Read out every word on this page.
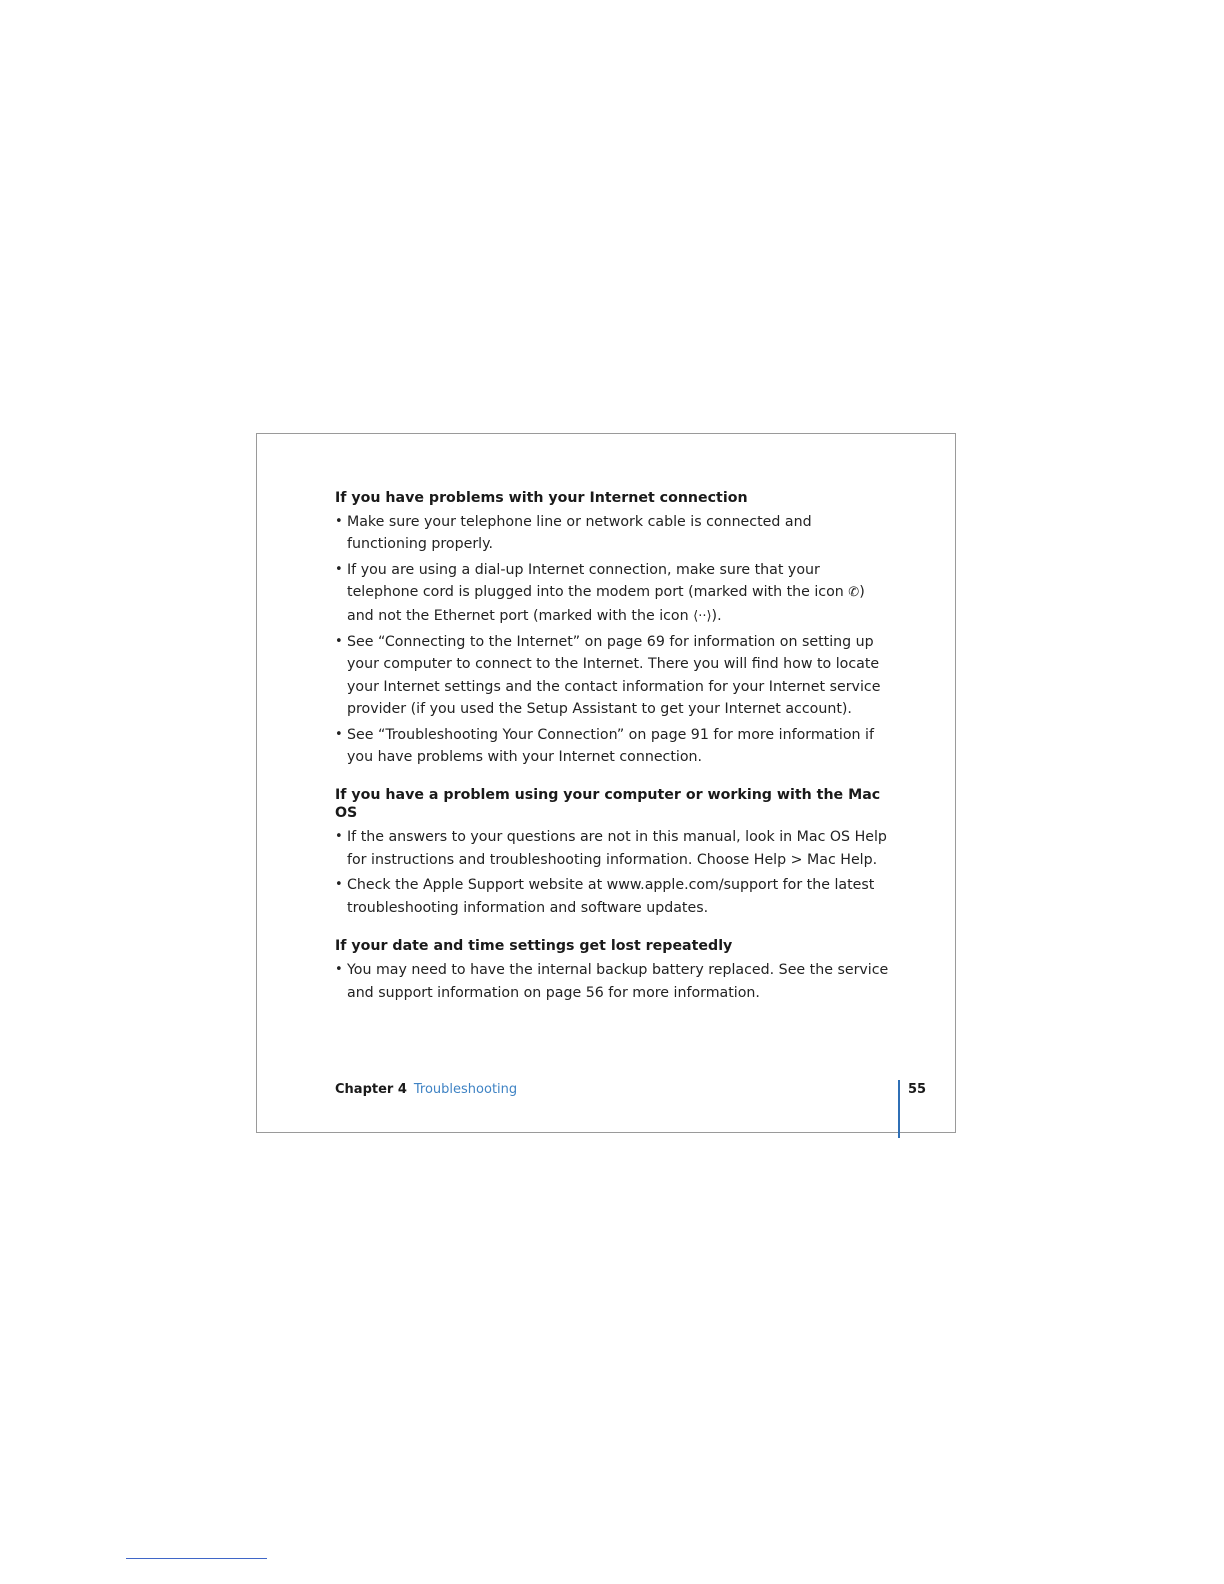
If you have problems with your Internet connection
• Make sure your telephone line or network cable is connected and functioning properly.
• If you are using a dial-up Internet connection, make sure that your telephone cord is plugged into the modem port (marked with the icon ✆) and not the Ethernet port (marked with the icon ⟨··⟩).
• See “Connecting to the Internet” on page 69 for information on setting up your computer to connect to the Internet. There you will find how to locate your Internet settings and the contact information for your Internet service provider (if you used the Setup Assistant to get your Internet account).
• See “Troubleshooting Your Connection” on page 91 for more information if you have problems with your Internet connection.
If you have a problem using your computer or working with the Mac OS
• If the answers to your questions are not in this manual, look in Mac OS Help for instructions and troubleshooting information. Choose Help > Mac Help.
• Check the Apple Support website at www.apple.com/support for the latest troubleshooting information and software updates.
If your date and time settings get lost repeatedly
• You may need to have the internal backup battery replaced. See the service and support information on page 56 for more information.
Chapter 4 Troubleshooting	55
